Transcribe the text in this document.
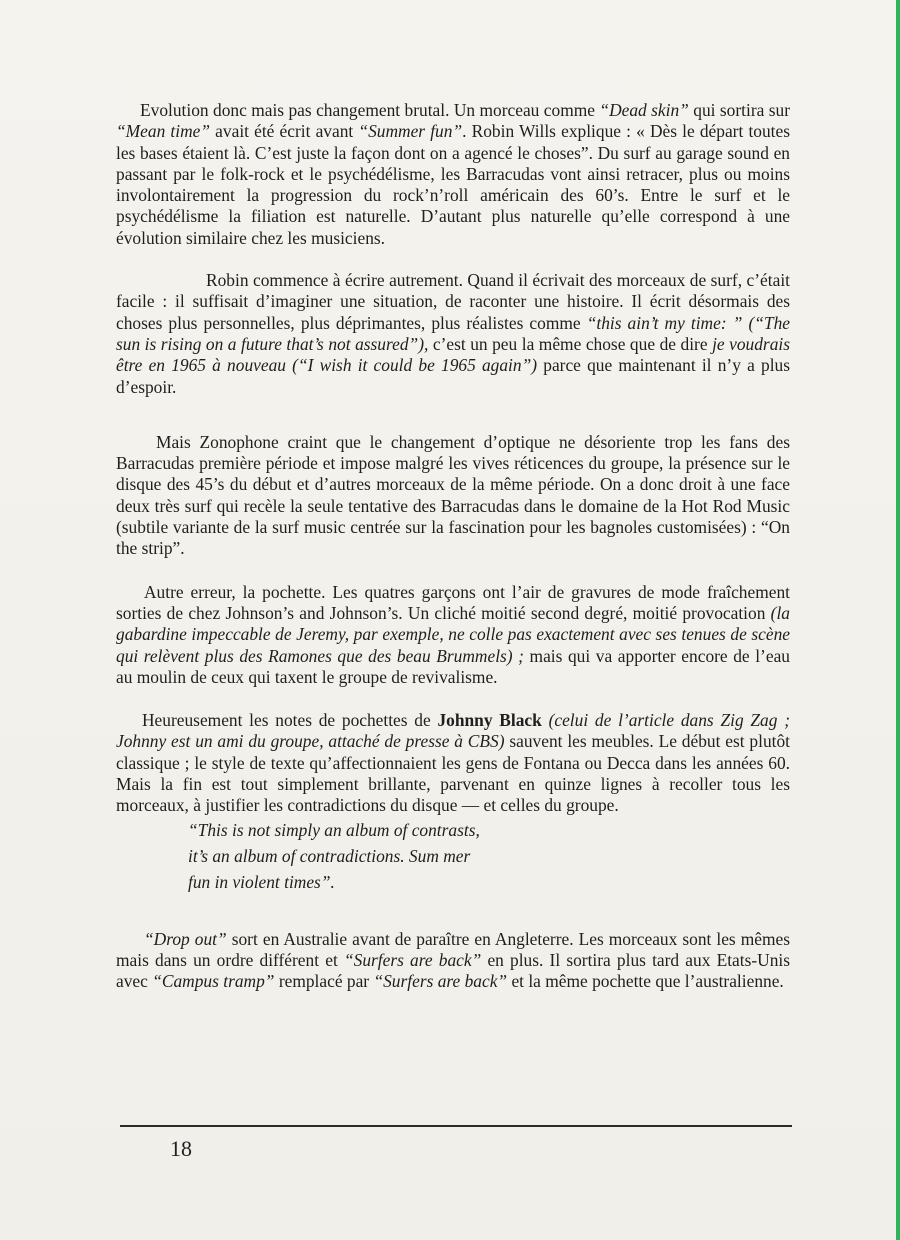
Evolution donc mais pas changement brutal. Un morceau comme “Dead skin” qui sortira sur “Mean time” avait été écrit avant “Summer fun”. Robin Wills explique : « Dès le départ toutes les bases étaient là. C’est juste la façon dont on a agencé le choses”. Du surf au garage sound en passant par le folk-rock et le psychédélisme, les Barracudas vont ainsi retracer, plus ou moins involontairement la progression du rock’n’roll américain des 60’s. Entre le surf et le psychédélisme la filiation est naturelle. D’autant plus naturelle qu’elle correspond à une évolution similaire chez les musiciens.

Robin commence à écrire autrement. Quand il écrivait des morceaux de surf, c’était facile : il suffisait d’imaginer une situation, de raconter une histoire. Il écrit désormais des choses plus personnelles, plus déprimantes, plus réalistes comme “this ain’t my time: ” (“The sun is rising on a future that’s not assured”), c’est un peu la même chose que de dire je voudrais être en 1965 à nouveau (“I wish it could be 1965 again”) parce que maintenant il n’y a plus d’espoir.

Mais Zonophone craint que le changement d’optique ne désoriente trop les fans des Barracudas première période et impose malgré les vives réticences du groupe, la présence sur le disque des 45’s du début et d’autres morceaux de la même période. On a donc droit à une face deux très surf qui recèle la seule tentative des Barracudas dans le domaine de la Hot Rod Music (subtile variante de la surf music centrée sur la fascination pour les bagnoles customisées) : “On the strip”.

Autre erreur, la pochette. Les quatres garçons ont l’air de gravures de mode fraîchement sorties de chez Johnson’s and Johnson’s. Un cliché moitié second degré, moitié provocation (la gabardine impeccable de Jeremy, par exemple, ne colle pas exactement avec ses tenues de scène qui relèvent plus des Ramones que des beau Brummels) ; mais qui va apporter encore de l’eau au moulin de ceux qui taxent le groupe de revivalisme.

Heureusement les notes de pochettes de Johnny Black (celui de l’article dans Zig Zag ; Johnny est un ami du groupe, attaché de presse à CBS) sauvent les meubles. Le début est plutôt classique ; le style de texte qu’affectionnaient les gens de Fontana ou Decca dans les années 60. Mais la fin est tout simplement brillante, parvenant en quinze lignes à recoller tous les morceaux, à justifier les contradictions du disque — et celles du groupe.

“This is not simply an album of contrasts,
it’s an album of contradictions. Sum mer
fun in violent times”.

“Drop out” sort en Australie avant de paraître en Angleterre. Les morceaux sont les mêmes mais dans un ordre différent et “Surfers are back” en plus. Il sortira plus tard aux Etats-Unis avec “Campus tramp” remplacé par “Surfers are back” et la même pochette que l’australienne.

18
